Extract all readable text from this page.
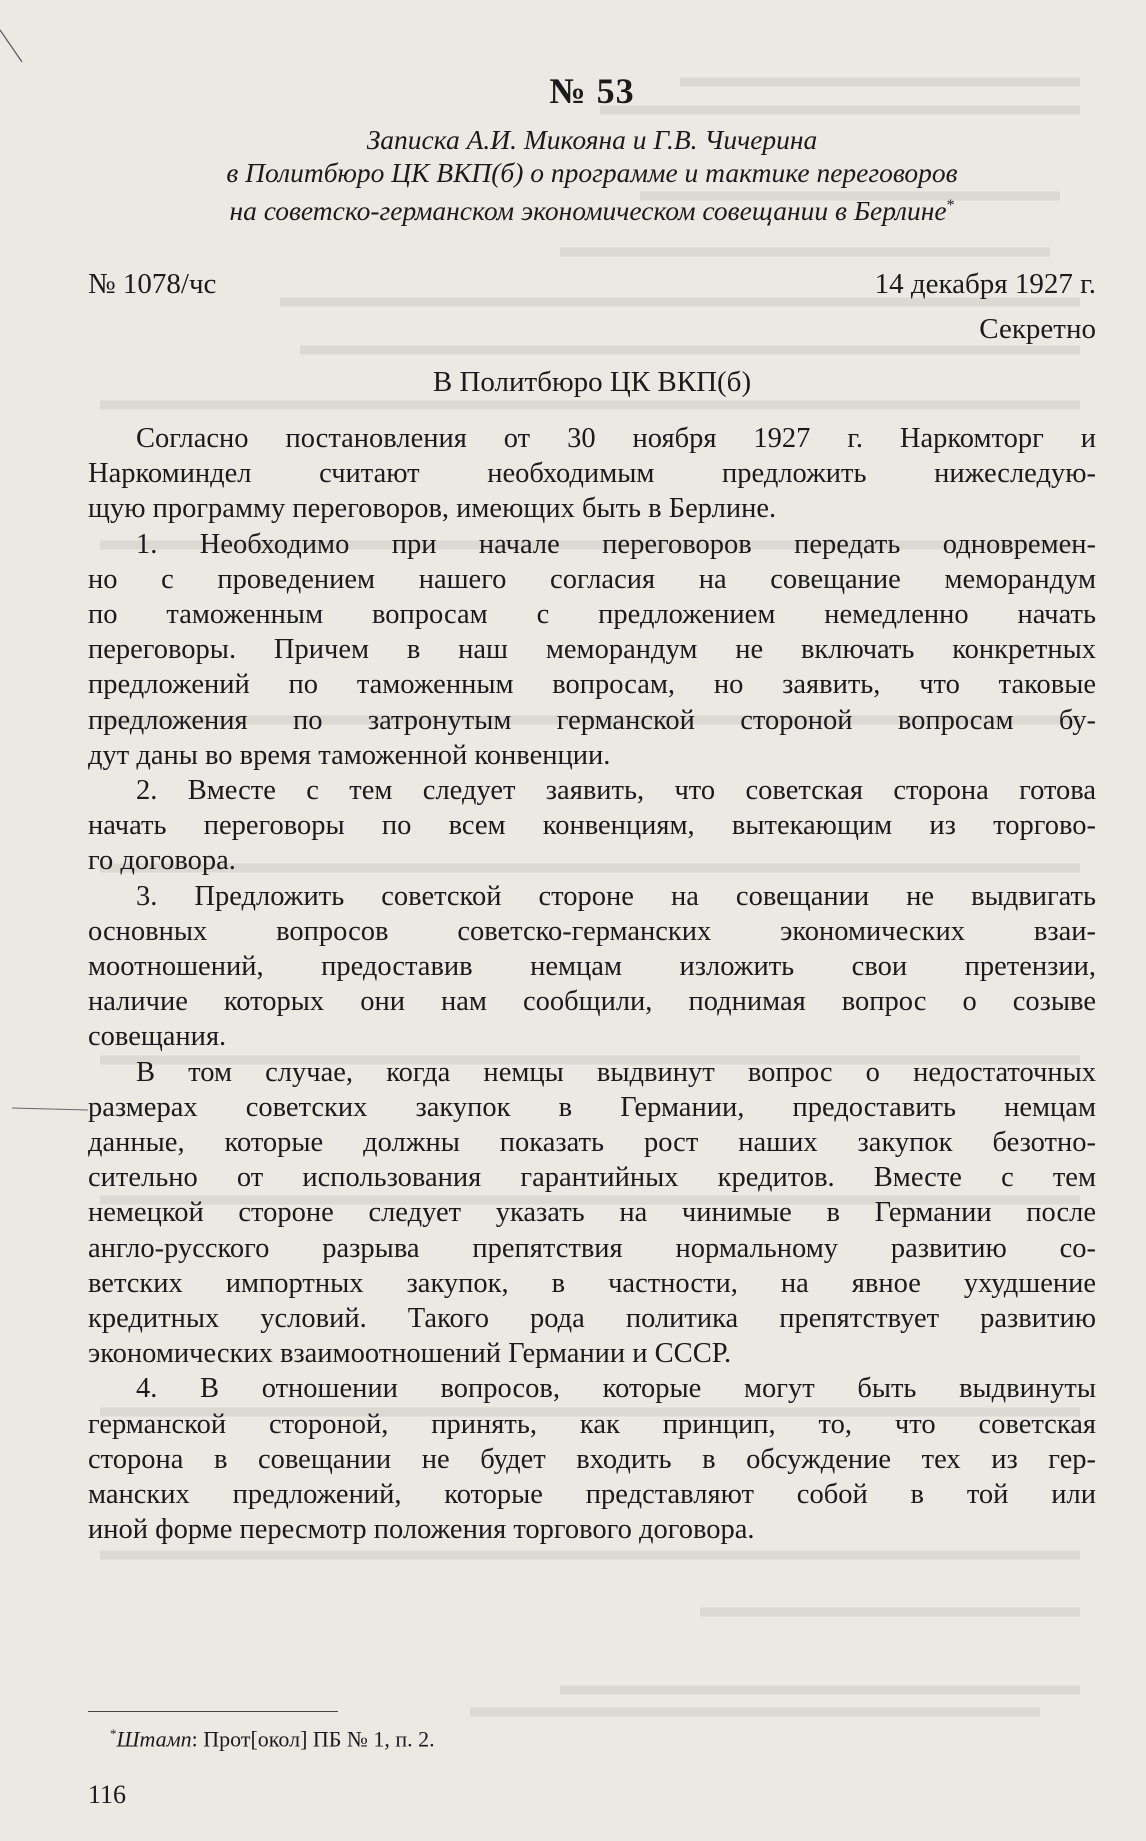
№ 53
Записка А.И. Микояна и Г.В. Чичерина
в Политбюро ЦК ВКП(б) о программе и тактике переговоров
на советско-германском экономическом совещании в Берлине*
№ 1078/чс	14 декабря 1927 г.
Секретно
В Политбюро ЦК ВКП(б)
Согласно постановления от 30 ноября 1927 г. Наркомторг и
Наркоминдел считают необходимым предложить нижеследую-
щую программу переговоров, имеющих быть в Берлине.
1. Необходимо при начале переговоров передать одновремен-
но с проведением нашего согласия на совещание меморандум
по таможенным вопросам с предложением немедленно начать
переговоры. Причем в наш меморандум не включать конкретных
предложений по таможенным вопросам, но заявить, что таковые
предложения по затронутым германской стороной вопросам бу-
дут даны во время таможенной конвенции.
2. Вместе с тем следует заявить, что советская сторона готова
начать переговоры по всем конвенциям, вытекающим из торгово-
го договора.
3. Предложить советской стороне на совещании не выдвигать
основных вопросов советско-германских экономических взаи-
моотношений, предоставив немцам изложить свои претензии,
наличие которых они нам сообщили, поднимая вопрос о созыве
совещания.
В том случае, когда немцы выдвинут вопрос о недостаточных
размерах советских закупок в Германии, предоставить немцам
данные, которые должны показать рост наших закупок безотно-
сительно от использования гарантийных кредитов. Вместе с тем
немецкой стороне следует указать на чинимые в Германии после
англо-русского разрыва препятствия нормальному развитию со-
ветских импортных закупок, в частности, на явное ухудшение
кредитных условий. Такого рода политика препятствует развитию
экономических взаимоотношений Германии и СССР.
4. В отношении вопросов, которые могут быть выдвинуты
германской стороной, принять, как принцип, то, что советская
сторона в совещании не будет входить в обсуждение тех из гер-
манских предложений, которые представляют собой в той или
иной форме пересмотр положения торгового договора.
*Штамп: Прот[окол] ПБ № 1, п. 2.
116
